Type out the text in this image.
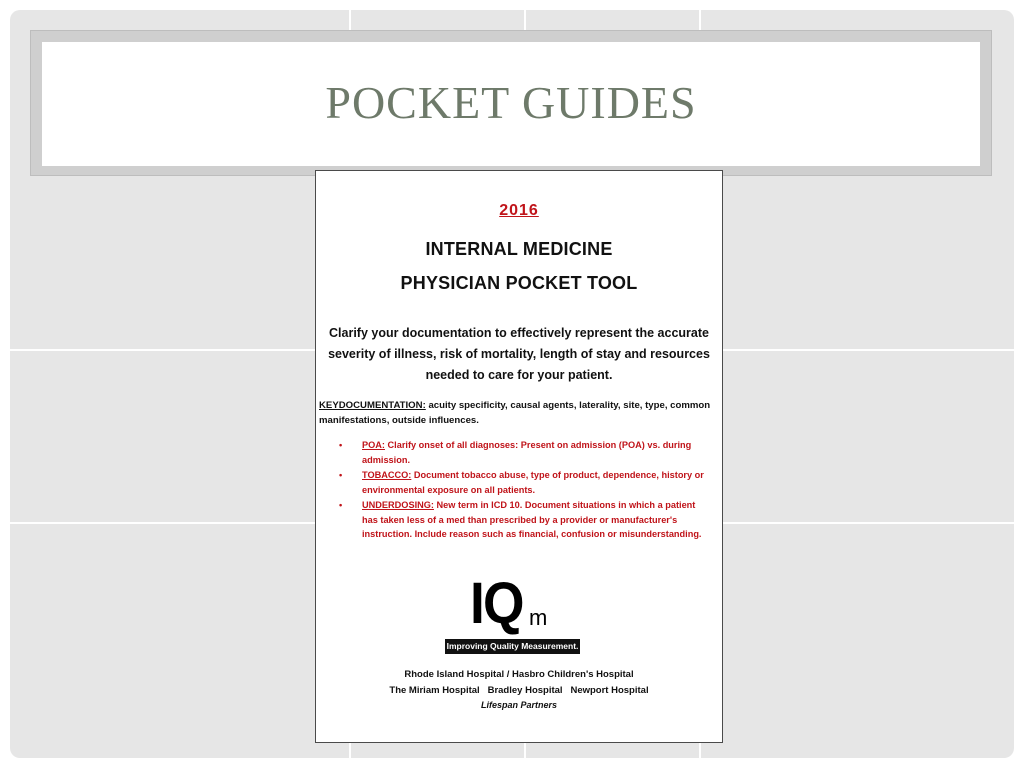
POCKET GUIDES
2016
INTERNAL MEDICINE
PHYSICIAN POCKET TOOL
Clarify your documentation to effectively represent the accurate severity of illness, risk of mortality, length of stay and resources needed to care for your patient.
KEYDOCUMENTATION: acuity specificity, causal agents, laterality, site, type, common manifestations, outside influences.
• POA: Clarify onset of all diagnoses: Present on admission (POA) vs. during admission.
• TOBACCO: Document tobacco abuse, type of product, dependence, history or environmental exposure on all patients.
• UNDERDOSING: New term in ICD 10. Document situations in which a patient has taken less of a med than prescribed by a provider or manufacturer's instruction. Include reason such as financial, confusion or misunderstanding.
IQ m
Improving Quality Measurement.
Rhode Island Hospital / Hasbro Children's Hospital
The Miriam Hospital   Bradley Hospital   Newport Hospital
Lifespan Partners
